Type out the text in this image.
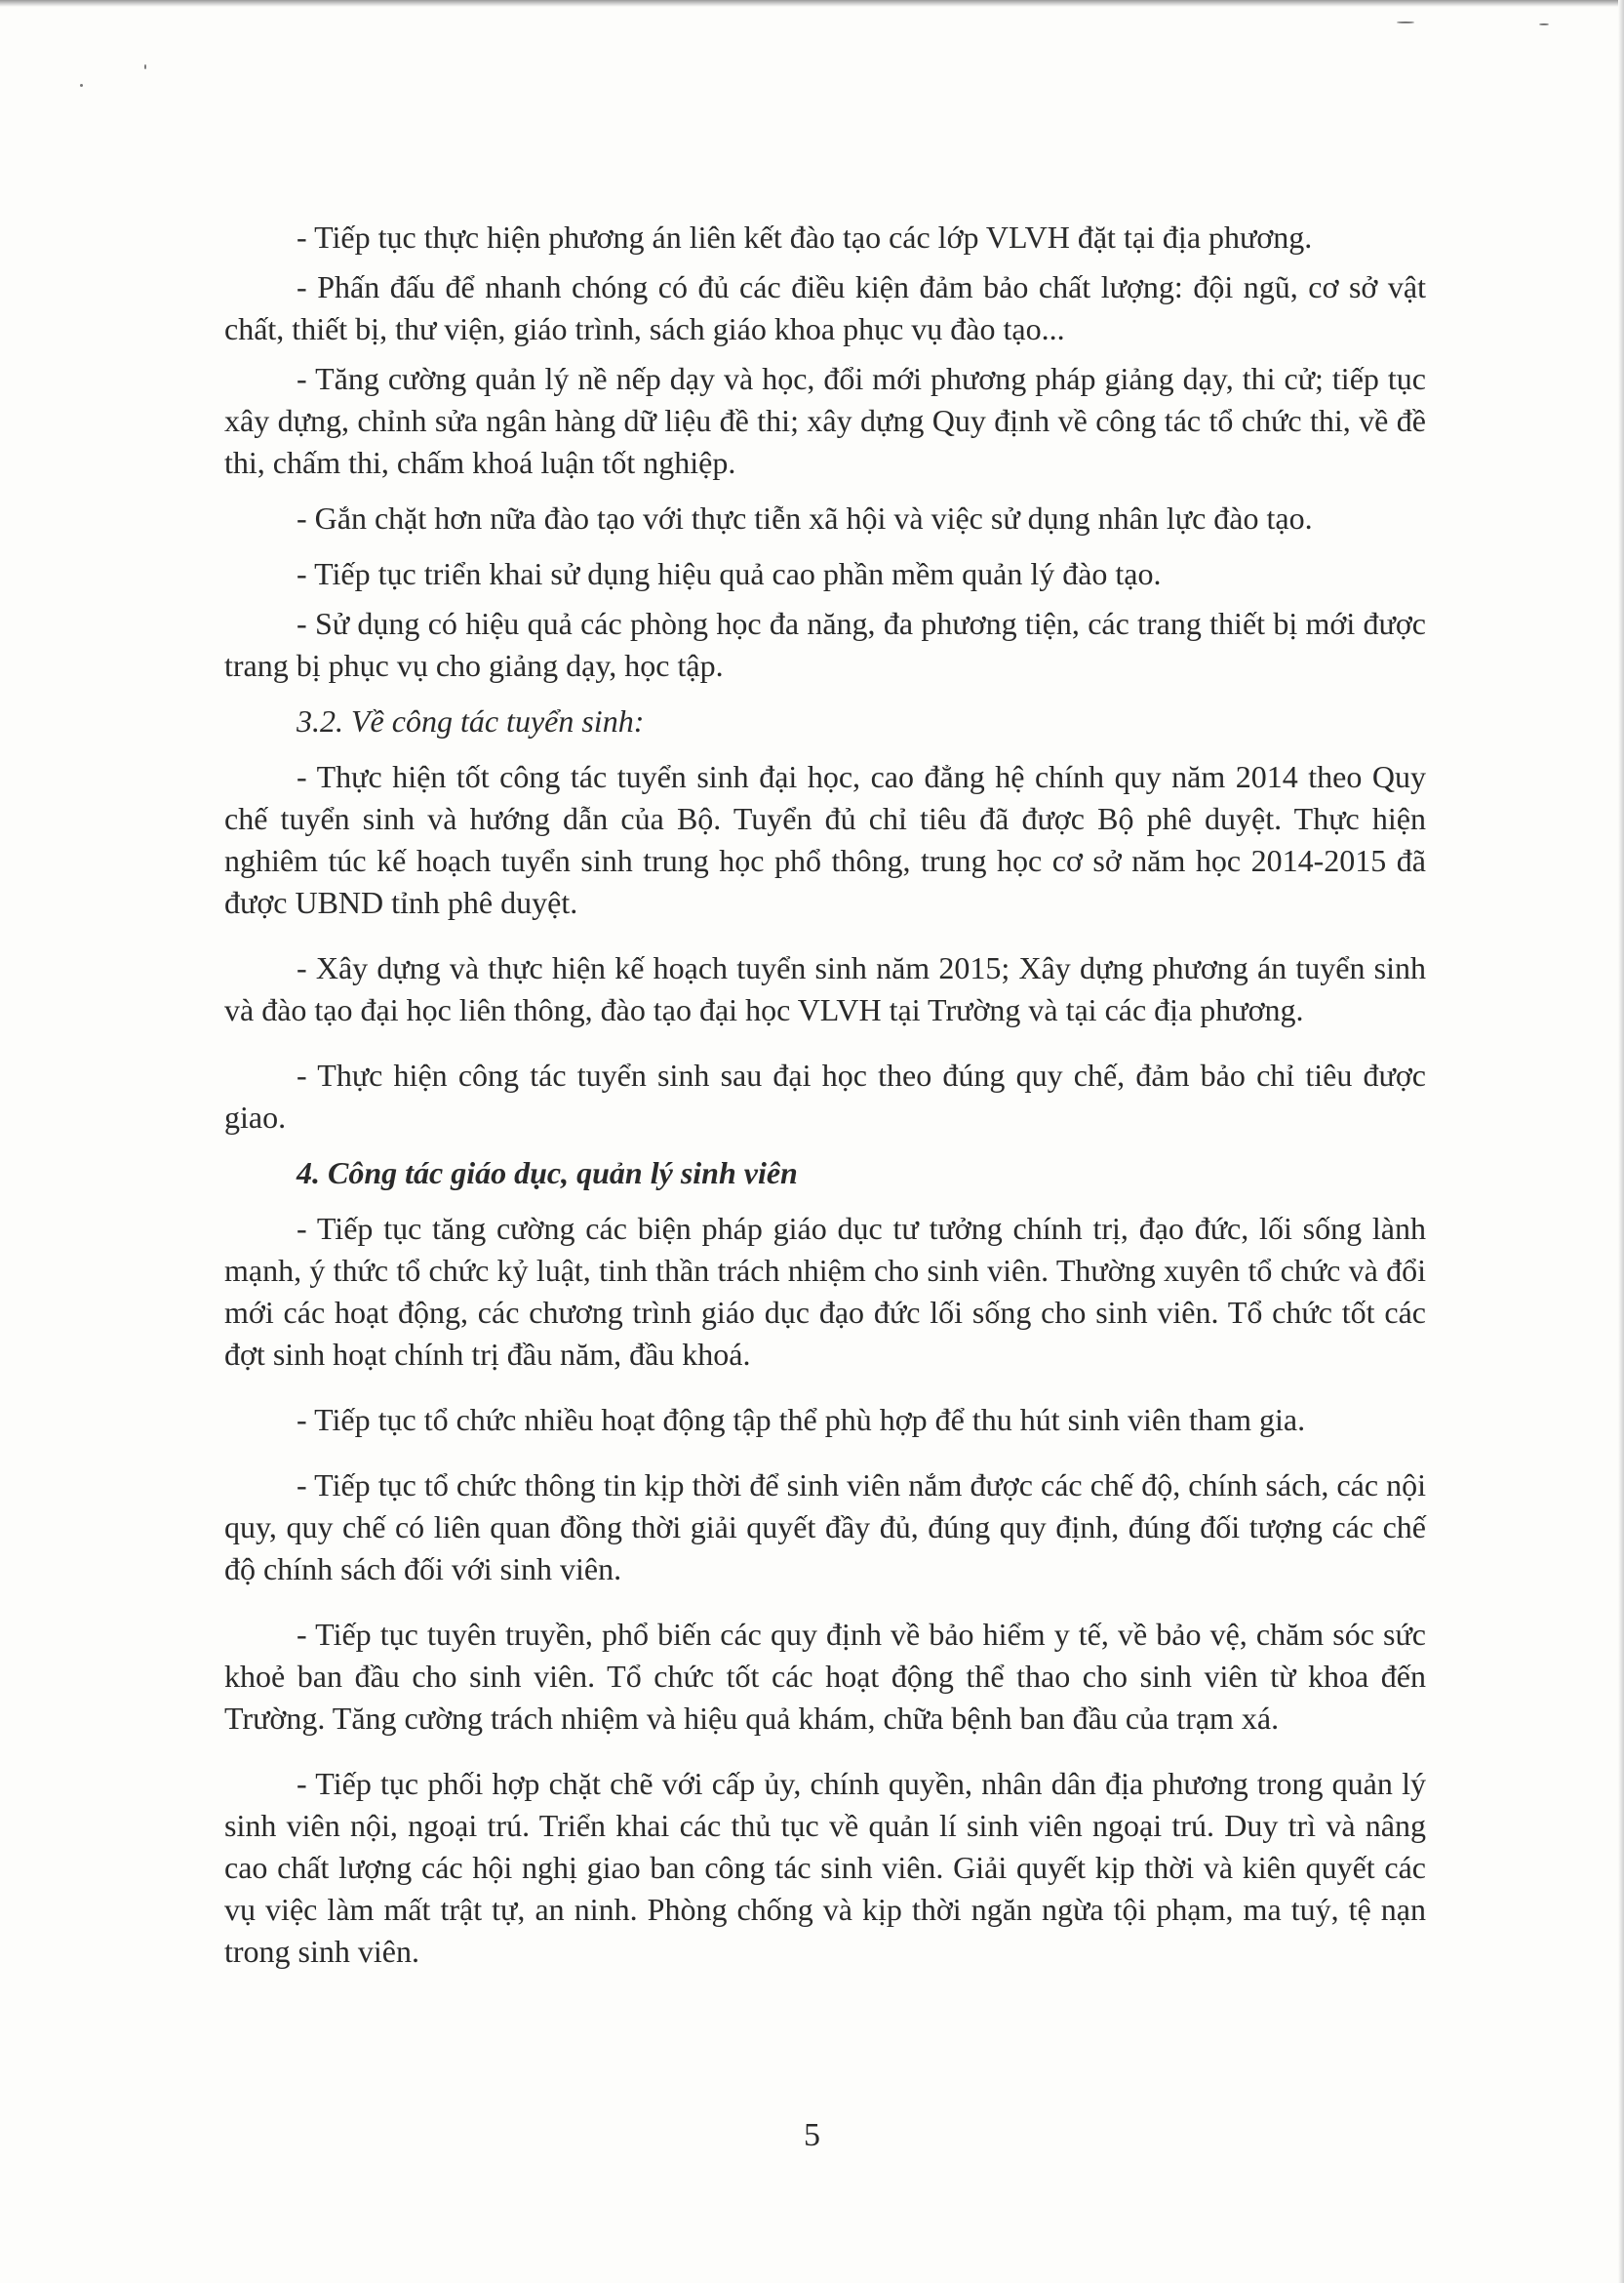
- Tiếp tục thực hiện phương án liên kết đào tạo các lớp VLVH đặt tại địa phương.

- Phấn đấu để nhanh chóng có đủ các điều kiện đảm bảo chất lượng: đội ngũ, cơ sở vật chất, thiết bị, thư viện, giáo trình, sách giáo khoa phục vụ đào tạo...

- Tăng cường quản lý nề nếp dạy và học, đổi mới phương pháp giảng dạy, thi cử; tiếp tục xây dựng, chỉnh sửa ngân hàng dữ liệu đề thi; xây dựng Quy định về công tác tổ chức thi, về đề thi, chấm thi, chấm khoá luận tốt nghiệp.

- Gắn chặt hơn nữa đào tạo với thực tiễn xã hội và việc sử dụng nhân lực đào tạo.

- Tiếp tục triển khai sử dụng hiệu quả cao phần mềm quản lý đào tạo.

- Sử dụng có hiệu quả các phòng học đa năng, đa phương tiện, các trang thiết bị mới được trang bị phục vụ cho giảng dạy, học tập.

3.2. Về công tác tuyển sinh:

- Thực hiện tốt công tác tuyển sinh đại học, cao đẳng hệ chính quy năm 2014 theo Quy chế tuyển sinh và hướng dẫn của Bộ. Tuyển đủ chỉ tiêu đã được Bộ phê duyệt. Thực hiện nghiêm túc kế hoạch tuyển sinh trung học phổ thông, trung học cơ sở năm học 2014-2015 đã được UBND tỉnh phê duyệt.

- Xây dựng và thực hiện kế hoạch tuyển sinh năm 2015; Xây dựng phương án tuyển sinh và đào tạo đại học liên thông, đào tạo đại học VLVH tại Trường và tại các địa phương.

- Thực hiện công tác tuyển sinh sau đại học theo đúng quy chế, đảm bảo chỉ tiêu được giao.

4. Công tác giáo dục, quản lý sinh viên

- Tiếp tục tăng cường các biện pháp giáo dục tư tưởng chính trị, đạo đức, lối sống lành mạnh, ý thức tổ chức kỷ luật, tinh thần trách nhiệm cho sinh viên. Thường xuyên tổ chức và đổi mới các hoạt động, các chương trình giáo dục đạo đức lối sống cho sinh viên. Tổ chức tốt các đợt sinh hoạt chính trị đầu năm, đầu khoá.

- Tiếp tục tổ chức nhiều hoạt động tập thể phù hợp để thu hút sinh viên tham gia.

- Tiếp tục tổ chức thông tin kịp thời để sinh viên nắm được các chế độ, chính sách, các nội quy, quy chế có liên quan đồng thời giải quyết đầy đủ, đúng quy định, đúng đối tượng các chế độ chính sách đối với sinh viên.

- Tiếp tục tuyên truyền, phổ biến các quy định về bảo hiểm y tế, về bảo vệ, chăm sóc sức khoẻ ban đầu cho sinh viên. Tổ chức tốt các hoạt động thể thao cho sinh viên từ khoa đến Trường. Tăng cường trách nhiệm và hiệu quả khám, chữa bệnh ban đầu của trạm xá.

- Tiếp tục phối hợp chặt chẽ với cấp ủy, chính quyền, nhân dân địa phương trong quản lý sinh viên nội, ngoại trú. Triển khai các thủ tục về quản lí sinh viên ngoại trú. Duy trì và nâng cao chất lượng các hội nghị giao ban công tác sinh viên. Giải quyết kịp thời và kiên quyết các vụ việc làm mất trật tự, an ninh. Phòng chống và kịp thời ngăn ngừa tội phạm, ma tuý, tệ nạn trong sinh viên.

5
